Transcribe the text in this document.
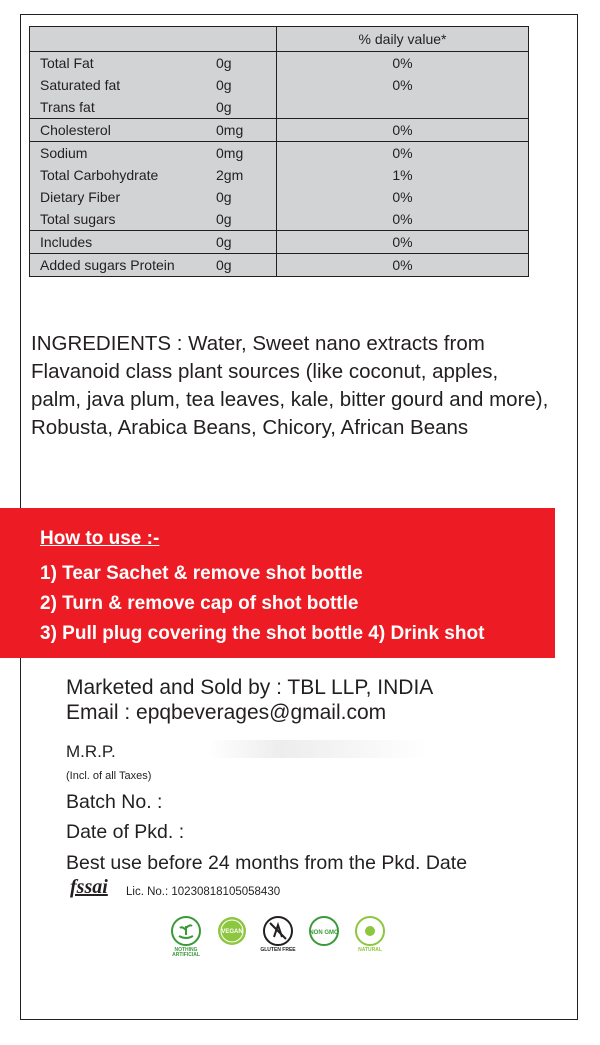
		% daily value*
Total Fat	0g	0%
Saturated fat	0g	0%
Trans fat	0g	
Cholesterol	0mg	0%
Sodium	0mg	0%
Total Carbohydrate	2gm	1%
Dietary Fiber	0g	0%
Total sugars	0g	0%
Includes	0g	0%
Added sugars Protein	0g	0%
INGREDIENTS : Water, Sweet nano extracts from Flavanoid class plant sources (like coconut, apples, palm, java plum, tea leaves, kale, bitter gourd and more), Robusta, Arabica Beans, Chicory, African Beans
How to use :-
1) Tear Sachet & remove shot bottle
2) Turn & remove cap of shot bottle
3) Pull plug covering the shot bottle 4) Drink shot
Marketed and Sold by : TBL LLP, INDIA
Email : epqbeverages@gmail.com
M.R.P.
(Incl. of all Taxes)
Batch No. :
Date of Pkd. :
Best use before 24 months from the Pkd. Date
fssai Lic. No.: 10230818105058430
NOTHING ARTIFICIAL
VEGAN
GLUTEN FREE
NON GMO
NATURAL
